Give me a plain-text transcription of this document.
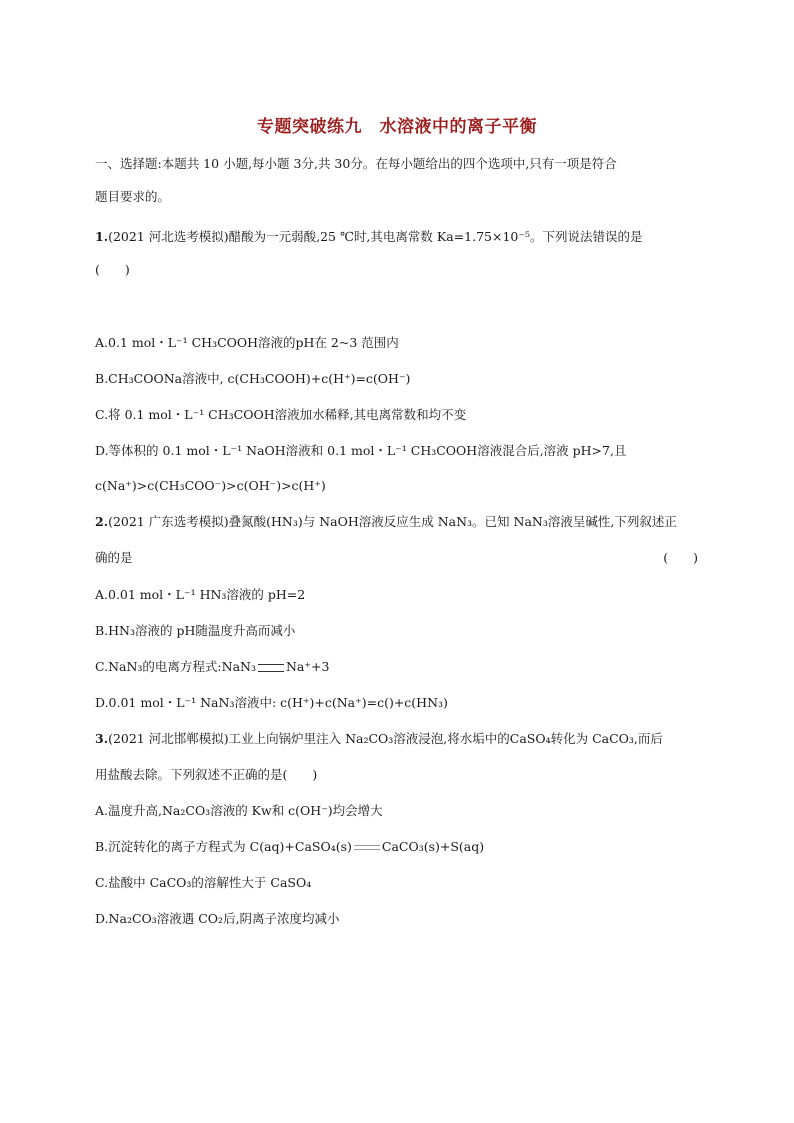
专题突破练九　水溶液中的离子平衡
一、选择题:本题共 10 小题,每小题 3分,共 30分。在每小题给出的四个选项中,只有一项是符合
题目要求的。
1.(2021 河北选考模拟)醋酸为一元弱酸,25 ℃时,其电离常数 Ka=1.75×10⁻⁵。下列说法错误的是
(　　)
A.0.1 mol・L⁻¹ CH₃COOH溶液的pH在 2~3 范围内
B.CH₃COONa溶液中, c(CH₃COOH)+c(H⁺)=c(OH⁻)
C.将 0.1 mol・L⁻¹ CH₃COOH溶液加水稀释,其电离常数和均不变
D.等体积的 0.1 mol・L⁻¹ NaOH溶液和 0.1 mol・L⁻¹ CH₃COOH溶液混合后,溶液 pH>7,且
c(Na⁺)>c(CH₃COO⁻)>c(OH⁻)>c(H⁺)
2.(2021 广东选考模拟)叠氮酸(HN₃)与 NaOH溶液反应生成 NaN₃。已知 NaN₃溶液呈碱性,下列叙述正
确的是	(　　)
A.0.01 mol・L⁻¹ HN₃溶液的 pH=2
B.HN₃溶液的 pH随温度升高而减小
C.NaN₃的电离方程式:NaN₃ Na⁺+3
D.0.01 mol・L⁻¹ NaN₃溶液中: c(H⁺)+c(Na⁺)=c()+c(HN₃)
3.(2021 河北邯郸模拟)工业上向锅炉里注入 Na₂CO₃溶液浸泡,将水垢中的CaSO₄转化为 CaCO₃,而后
用盐酸去除。下列叙述不正确的是(　　)
A.温度升高,Na₂CO₃溶液的 Kw和 c(OH⁻)均会增大
B.沉淀转化的离子方程式为 C(aq)+CaSO₄(s) CaCO₃(s)+S(aq)
C.盐酸中 CaCO₃的溶解性大于 CaSO₄
D.Na₂CO₃溶液遇 CO₂后,阴离子浓度均减小
